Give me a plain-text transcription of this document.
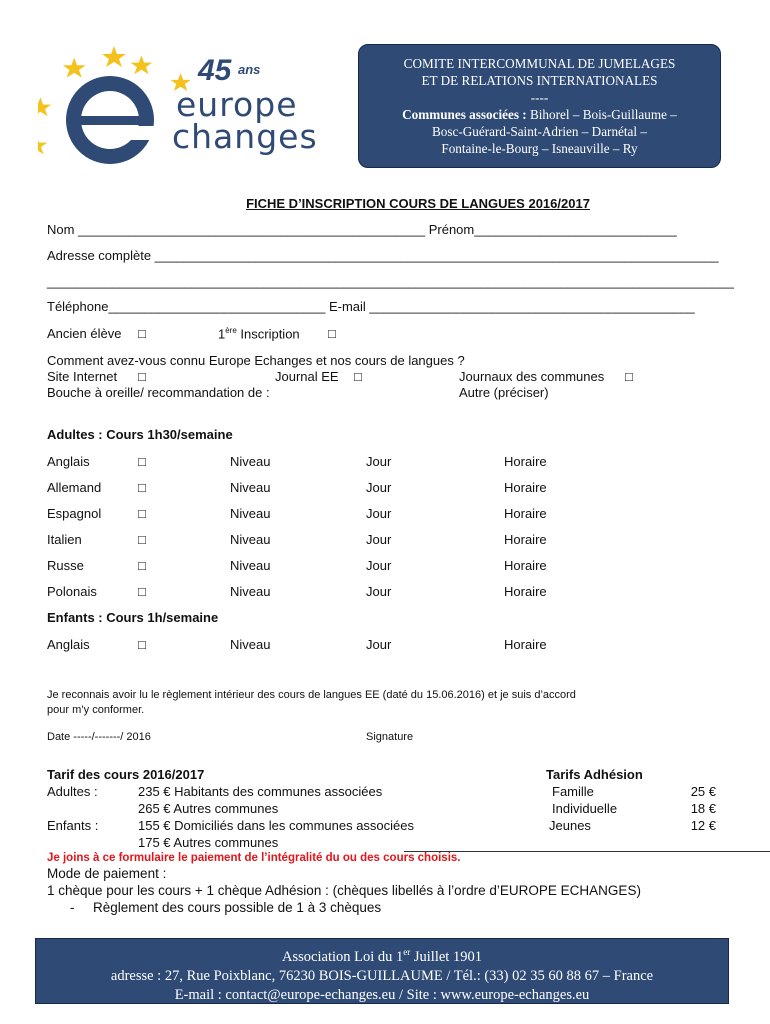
europe
changes
45 ans	COMITE INTERCOMMUNAL DE JUMELAGES
ET DE RELATIONS INTERNATIONALES
----
Communes associées : Bihorel – Bois-Guillaume –
Bosc-Guérard-Saint-Adrien – Darnétal –
Fontaine-le-Bourg – Isneauville – Ry
FICHE D’INSCRIPTION COURS DE LANGUES 2016/2017
Nom ________________________________________________ Prénom____________________________
Adresse complète ______________________________________________________________________________
_______________________________________________________________________________________________
Téléphone______________________________ E-mail _____________________________________________
Ancien élève □	1ère Inscription □
Comment avez-vous connu Europe Echanges et nos cours de langues ?
Site Internet □	Journal EE □	Journaux des communes □
Bouche à oreille/ recommandation de :	Autre (préciser)
Adultes : Cours 1h30/semaine
Anglais	□	Niveau	Jour	Horaire
Allemand	□	Niveau	Jour	Horaire
Espagnol	□	Niveau	Jour	Horaire
Italien	□	Niveau	Jour	Horaire
Russe	□	Niveau	Jour	Horaire
Polonais	□	Niveau	Jour	Horaire
Enfants : Cours 1h/semaine
Anglais	□	Niveau	Jour	Horaire
Je reconnais avoir lu le règlement intérieur des cours de langues EE (daté du 15.06.2016) et je suis d’accord
pour m’y conformer.
Date -----/-------/ 2016	Signature
Tarif des cours 2016/2017
Adultes :	235 € Habitants des communes associées
265 € Autres communes
Enfants :	155 € Domiciliés dans les communes associées
175 € Autres communes
Tarifs Adhésion
Famille	25 €
Individuelle	18 €
Jeunes	12 €
Je joins à ce formulaire le paiement de l’intégralité du ou des cours choisis.
Mode de paiement :
1 chèque pour les cours + 1 chèque Adhésion : (chèques libellés à l’ordre d’EUROPE ECHANGES)
- Règlement des cours possible de 1 à 3 chèques
Association Loi du 1er Juillet 1901
adresse : 27, Rue Poixblanc, 76230 BOIS-GUILLAUME / Tél.: (33) 02 35 60 88 67 – France
E-mail : contact@europe-echanges.eu / Site : www.europe-echanges.eu
